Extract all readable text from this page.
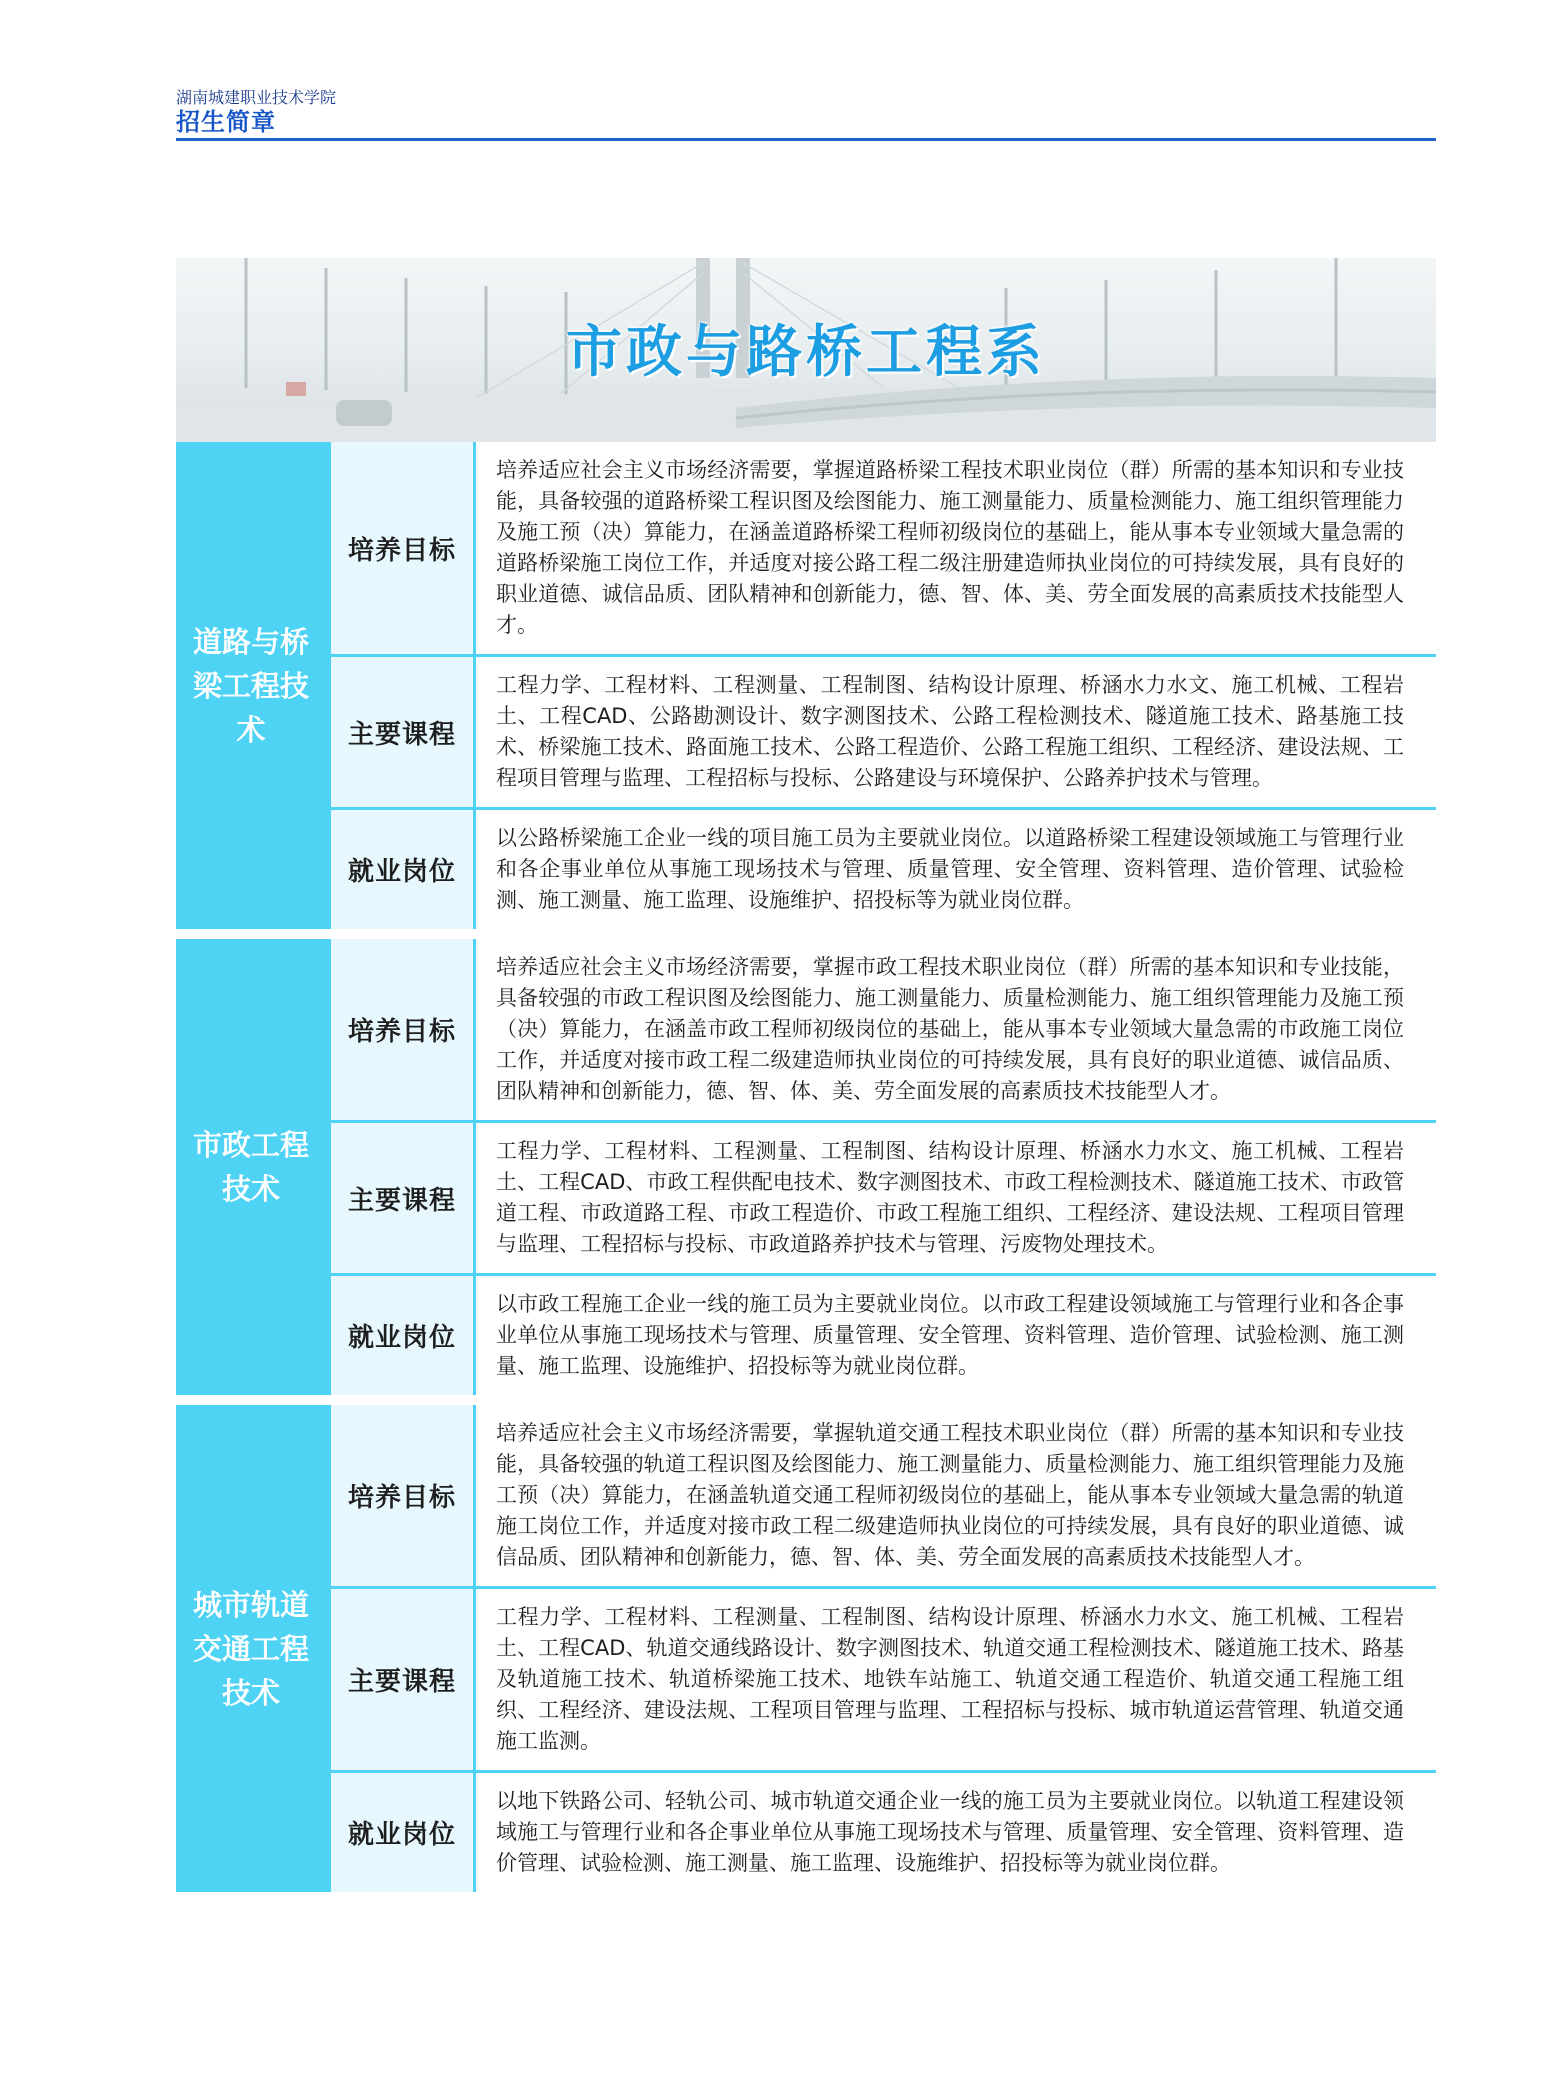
湖南城建职业技术学院
招生简章
市政与路桥工程系
道路与桥梁工程技术
培养目标
培养适应社会主义市场经济需要，掌握道路桥梁工程技术职业岗位（群）所需的基本知识和专业技能，具备较强的道路桥梁工程识图及绘图能力、施工测量能力、质量检测能力、施工组织管理能力及施工预（决）算能力，在涵盖道路桥梁工程师初级岗位的基础上，能从事本专业领域大量急需的道路桥梁施工岗位工作，并适度对接公路工程二级注册建造师执业岗位的可持续发展，具有良好的职业道德、诚信品质、团队精神和创新能力，德、智、体、美、劳全面发展的高素质技术技能型人才。
主要课程
工程力学、工程材料、工程测量、工程制图、结构设计原理、桥涵水力水文、施工机械、工程岩土、工程CAD、公路勘测设计、数字测图技术、公路工程检测技术、隧道施工技术、路基施工技术、桥梁施工技术、路面施工技术、公路工程造价、公路工程施工组织、工程经济、建设法规、工程项目管理与监理、工程招标与投标、公路建设与环境保护、公路养护技术与管理。
就业岗位
以公路桥梁施工企业一线的项目施工员为主要就业岗位。以道路桥梁工程建设领域施工与管理行业和各企事业单位从事施工现场技术与管理、质量管理、安全管理、资料管理、造价管理、试验检测、施工测量、施工监理、设施维护、招投标等为就业岗位群。
市政工程技术
培养目标
培养适应社会主义市场经济需要，掌握市政工程技术职业岗位（群）所需的基本知识和专业技能，具备较强的市政工程识图及绘图能力、施工测量能力、质量检测能力、施工组织管理能力及施工预（决）算能力，在涵盖市政工程师初级岗位的基础上，能从事本专业领域大量急需的市政施工岗位工作，并适度对接市政工程二级建造师执业岗位的可持续发展，具有良好的职业道德、诚信品质、团队精神和创新能力，德、智、体、美、劳全面发展的高素质技术技能型人才。
主要课程
工程力学、工程材料、工程测量、工程制图、结构设计原理、桥涵水力水文、施工机械、工程岩土、工程CAD、市政工程供配电技术、数字测图技术、市政工程检测技术、隧道施工技术、市政管道工程、市政道路工程、市政工程造价、市政工程施工组织、工程经济、建设法规、工程项目管理与监理、工程招标与投标、市政道路养护技术与管理、污废物处理技术。
就业岗位
以市政工程施工企业一线的施工员为主要就业岗位。以市政工程建设领域施工与管理行业和各企事业单位从事施工现场技术与管理、质量管理、安全管理、资料管理、造价管理、试验检测、施工测量、施工监理、设施维护、招投标等为就业岗位群。
城市轨道交通工程技术
培养目标
培养适应社会主义市场经济需要，掌握轨道交通工程技术职业岗位（群）所需的基本知识和专业技能，具备较强的轨道工程识图及绘图能力、施工测量能力、质量检测能力、施工组织管理能力及施工预（决）算能力，在涵盖轨道交通工程师初级岗位的基础上，能从事本专业领域大量急需的轨道施工岗位工作，并适度对接市政工程二级建造师执业岗位的可持续发展，具有良好的职业道德、诚信品质、团队精神和创新能力，德、智、体、美、劳全面发展的高素质技术技能型人才。
主要课程
工程力学、工程材料、工程测量、工程制图、结构设计原理、桥涵水力水文、施工机械、工程岩土、工程CAD、轨道交通线路设计、数字测图技术、轨道交通工程检测技术、隧道施工技术、路基及轨道施工技术、轨道桥梁施工技术、地铁车站施工、轨道交通工程造价、轨道交通工程施工组织、工程经济、建设法规、工程项目管理与监理、工程招标与投标、城市轨道运营管理、轨道交通施工监测。
就业岗位
以地下铁路公司、轻轨公司、城市轨道交通企业一线的施工员为主要就业岗位。以轨道工程建设领域施工与管理行业和各企事业单位从事施工现场技术与管理、质量管理、安全管理、资料管理、造价管理、试验检测、施工测量、施工监理、设施维护、招投标等为就业岗位群。
